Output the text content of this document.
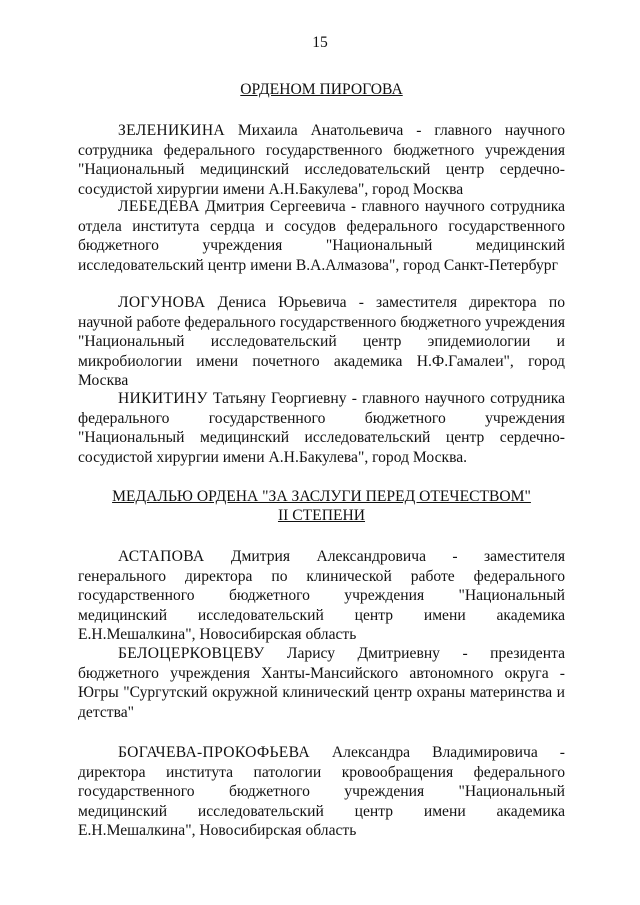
15
ОРДЕНОМ ПИРОГОВА

ЗЕЛЕНИКИНА Михаила Анатольевича - главного научного сотрудника федерального государственного бюджетного учреждения "Национальный медицинский исследовательский центр сердечно-сосудистой хирургии имени А.Н.Бакулева", город Москва

ЛЕБЕДЕВА Дмитрия Сергеевича - главного научного сотрудника отдела института сердца и сосудов федерального государственного бюджетного учреждения "Национальный медицинский исследовательский центр имени В.А.Алмазова", город Санкт-Петербург

ЛОГУНОВА Дениса Юрьевича - заместителя директора по научной работе федерального государственного бюджетного учреждения "Национальный исследовательский центр эпидемиологии и микробиологии имени почетного академика Н.Ф.Гамалеи", город Москва

НИКИТИНУ Татьяну Георгиевну - главного научного сотрудника федерального государственного бюджетного учреждения "Национальный медицинский исследовательский центр сердечно-сосудистой хирургии имени А.Н.Бакулева", город Москва.

МЕДАЛЬЮ ОРДЕНА "ЗА ЗАСЛУГИ ПЕРЕД ОТЕЧЕСТВОМ"
II СТЕПЕНИ

АСТАПОВА Дмитрия Александровича - заместителя генерального директора по клинической работе федерального государственного бюджетного учреждения "Национальный медицинский исследовательский центр имени академика Е.Н.Мешалкина", Новосибирская область

БЕЛОЦЕРКОВЦЕВУ Ларису Дмитриевну - президента бюджетного учреждения Ханты-Мансийского автономного округа - Югры "Сургутский окружной клинический центр охраны материнства и детства"

БОГАЧЕВА-ПРОКОФЬЕВА Александра Владимировича - директора института патологии кровообращения федерального государственного бюджетного учреждения "Национальный медицинский исследовательский центр имени академика Е.Н.Мешалкина", Новосибирская область
